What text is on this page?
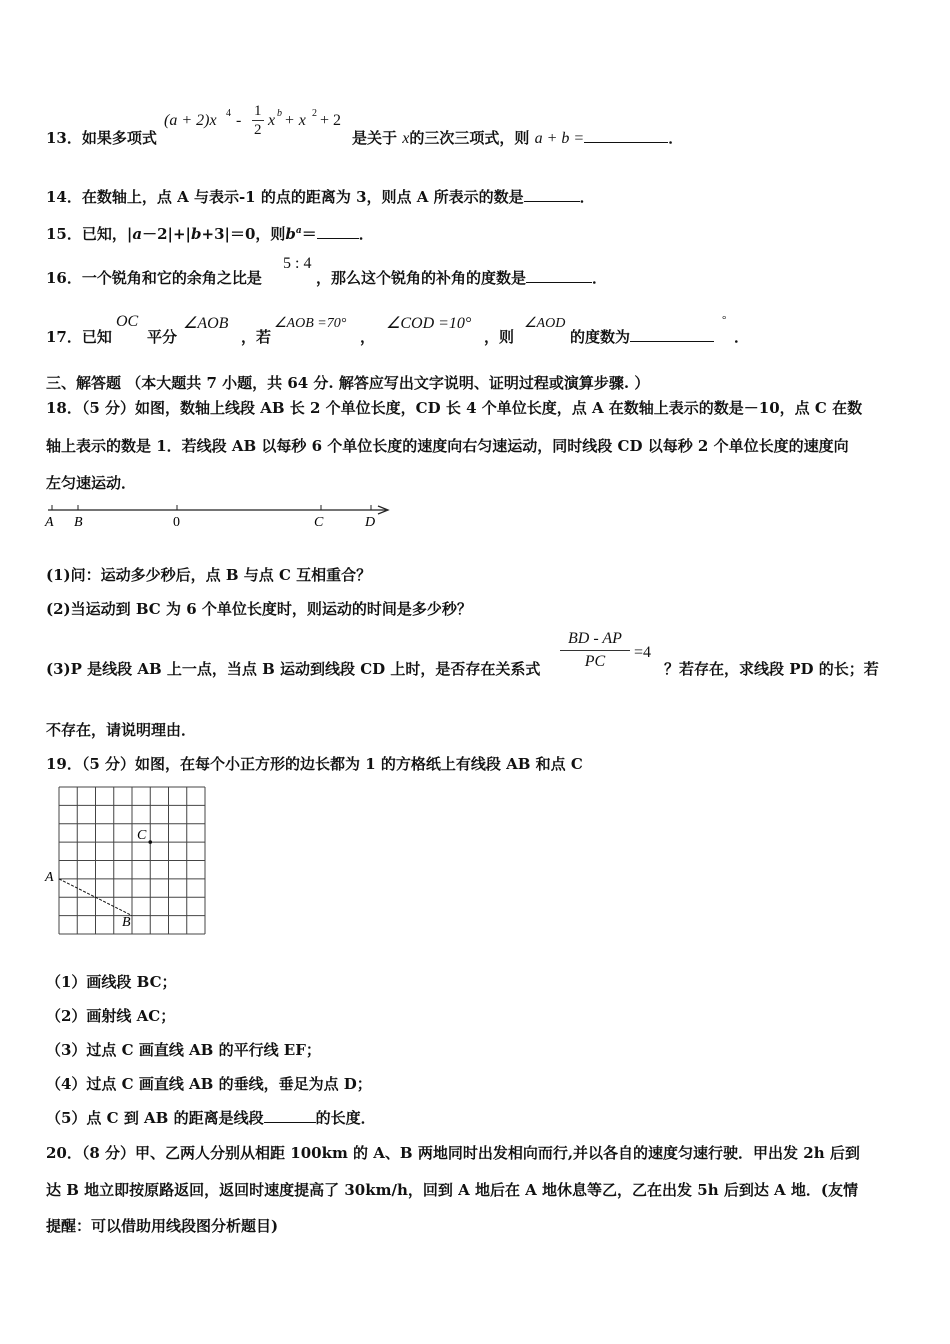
13．如果多项式
(a + 2)x $4 - \frac{1}{2}$ x b + x 2 + 2
是关于 x的三次三项式，则 a + b =	．
14．在数轴上，点 A 与表示-1 的点的距离为 3，则点 A 所表示的数是	．
15．已知，|a－2|+|b+3|＝0，则$b^a=$	．
16．一个锐角和它的余角之比是
5 : 4
，那么这个锐角的补角的度数是	．
17．已知
OC
平分
∠AOB
，若
∠AOB =70°
，
∠COD =10°
，则
∠AOD
的度数为
°
．
三、解答题 （本大题共 7 小题，共 64 分. 解答应写出文字说明、证明过程或演算步骤. ）
18．（5 分）如图，数轴上线段 AB 长 2 个单位长度，CD 长 4 个单位长度，点 A 在数轴上表示的数是－10，点 C 在数
轴上表示的数是 1．若线段 AB 以每秒 6 个单位长度的速度向右匀速运动，同时线段 CD 以每秒 2 个单位长度的速度向
左匀速运动．
A B	0	C	D
(1)问：运动多少秒后，点 B 与点 C 互相重合？
(2)当运动到 BC 为 6 个单位长度时，则运动的时间是多少秒？
(3)P 是线段 AB 上一点，当点 B 运动到线段 CD 上时，是否存在关系式 $\frac{BD - AP}{PC} =4$
？若存在，求线段 PD 的长；若
不存在，请说明理由．
19．（5 分）如图，在每个小正方形的边长都为 1 的方格纸上有线段 AB 和点 C
A
B
C
（1）画线段 BC；
（2）画射线 AC；
（3）过点 C 画直线 AB 的平行线 EF；
（4）过点 C 画直线 AB 的垂线，垂足为点 D；
（5）点 C 到 AB 的距离是线段	的长度．
20．（8 分）甲、乙两人分别从相距 100km 的 A、B 两地同时出发相向而行,并以各自的速度匀速行驶．甲出发 2h 后到
达 B 地立即按原路返回，返回时速度提高了 30km/h，回到 A 地后在 A 地休息等乙，乙在出发 5h 后到达 A 地．(友情
提醒：可以借助用线段图分析题目)
